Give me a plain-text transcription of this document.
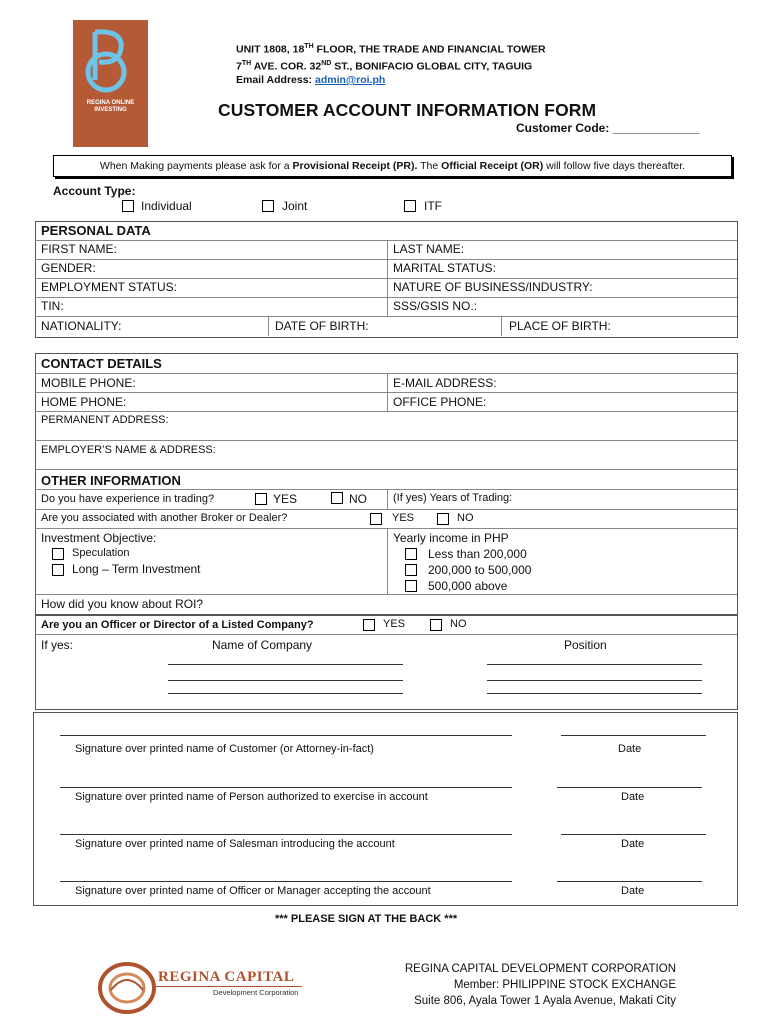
REGINA ONLINE INVESTING
UNIT 1808, 18TH FLOOR, THE TRADE AND FINANCIAL TOWER
7TH AVE. COR. 32ND ST., BONIFACIO GLOBAL CITY, TAGUIG
Email Address: admin@roi.ph
CUSTOMER ACCOUNT INFORMATION FORM
Customer Code: _____________
When Making payments please ask for a Provisional Receipt (PR). The Official Receipt (OR) will follow five days thereafter.
Account Type:
Individual	Joint	ITF
PERSONAL DATA
FIRST NAME:	LAST NAME:
GENDER:	MARITAL STATUS:
EMPLOYMENT STATUS:	NATURE OF BUSINESS/INDUSTRY:
TIN:	SSS/GSIS NO.:
NATIONALITY:	DATE OF BIRTH:	PLACE OF BIRTH:
CONTACT DETAILS
MOBILE PHONE:	E-MAIL ADDRESS:
HOME PHONE:	OFFICE PHONE:
PERMANENT ADDRESS:
EMPLOYER’S NAME & ADDRESS:
OTHER INFORMATION
Do you have experience in trading?	YES	NO (If yes) Years of Trading:
Are you associated with another Broker or Dealer?	YES	NO
Investment Objective:
Speculation
Long – Term Investment
Yearly income in PHP
Less than 200,000
200,000 to 500,000
500,000 above
How did you know about ROI?
Are you an Officer or Director of a Listed Company?	YES	NO
If yes:	Name of Company	Position
Signature over printed name of Customer (or Attorney-in-fact)	Date
Signature over printed name of Person authorized to exercise in account	Date
Signature over printed name of Salesman introducing the account	Date
Signature over printed name of Officer or Manager accepting the account	Date
*** PLEASE SIGN AT THE BACK ***
REGINA CAPITAL
Development Corporation
REGINA CAPITAL DEVELOPMENT CORPORATION
Member: PHILIPPINE STOCK EXCHANGE
Suite 806, Ayala Tower 1 Ayala Avenue, Makati City
